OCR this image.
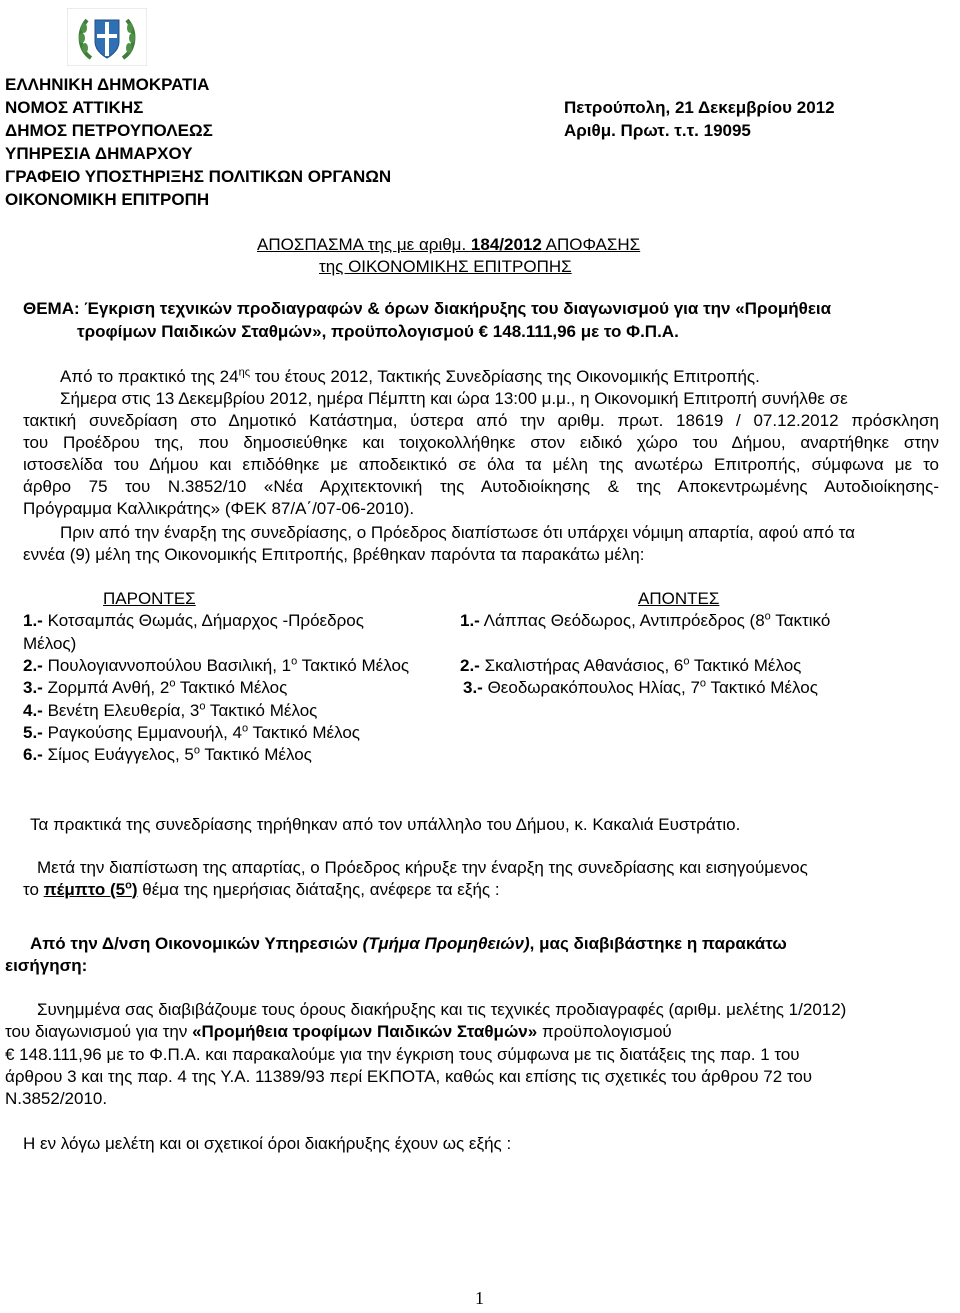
ΕΛΛΗΝΙΚΗ ΔΗΜΟΚΡΑΤΙΑ
ΝΟΜΟΣ ΑΤΤΙΚΗΣ
ΔΗΜΟΣ ΠΕΤΡΟΥΠΟΛΕΩΣ
ΥΠΗΡΕΣΙΑ ΔΗΜΑΡΧΟΥ
ΓΡΑΦΕΙΟ ΥΠΟΣΤΗΡΙΞΗΣ ΠΟΛΙΤΙΚΩΝ ΟΡΓΑΝΩΝ
ΟΙΚΟΝΟΜΙΚΗ ΕΠΙΤΡΟΠΗ
Πετρούπολη, 21 Δεκεμβρίου 2012
Αριθμ. Πρωτ. τ.τ. 19095
ΑΠΟΣΠΑΣΜΑ της με αριθμ. 184/2012 ΑΠΟΦΑΣΗΣ
της ΟΙΚΟΝΟΜΙΚΗΣ ΕΠΙΤΡΟΠΗΣ
ΘΕΜΑ: Έγκριση τεχνικών προδιαγραφών & όρων διακήρυξης του διαγωνισμού για την «Προμήθεια
τροφίμων Παιδικών Σταθμών», προϋπολογισμού € 148.111,96 με το Φ.Π.Α.
Από το πρακτικό της $24^{\eta\varsigma}$ του έτους 2012, Τακτικής Συνεδρίασης της Οικονομικής Επιτροπής.
Σήμερα στις 13 Δεκεμβρίου 2012, ημέρα Πέμπτη και ώρα 13:00 μ.μ., η Οικονομική Επιτροπή συνήλθε σε
τακτική συνεδρίαση στο Δημοτικό Κατάστημα, ύστερα από την αριθμ. πρωτ. 18619 / 07.12.2012 πρόσκληση
του Προέδρου της, που δημοσιεύθηκε και τοιχοκολλήθηκε στον ειδικό χώρο του Δήμου, αναρτήθηκε στην
ιστοσελίδα του Δήμου και επιδόθηκε με αποδεικτικό σε όλα τα μέλη της ανωτέρω Επιτροπής, σύμφωνα με το
άρθρο 75 του Ν.3852/10 «Νέα Αρχιτεκτονική της Αυτοδιοίκησης & της Αποκεντρωμένης Αυτοδιοίκησης-
Πρόγραμμα Καλλικράτης» (ΦΕΚ 87/Α΄/07-06-2010).
Πριν από την έναρξη της συνεδρίασης, ο Πρόεδρος διαπίστωσε ότι υπάρχει νόμιμη απαρτία, αφού από τα
εννέα (9) μέλη της Οικονομικής Επιτροπής, βρέθηκαν παρόντα τα παρακάτω μέλη:
ΠΑΡΟΝΤΕΣ	ΑΠΟΝΤΕΣ
1.- Κοτσαμπάς Θωμάς, Δήμαρχος -Πρόεδρος
2.- Πουλογιαννοπούλου Βασιλική, $1^o$ Τακτικό Μέλος
3.- Ζορμπά Ανθή, $2^o$ Τακτικό Μέλος
4.- Βενέτη Ελευθερία, $3^o$ Τακτικό Μέλος
5.- Ραγκούσης Εμμανουήλ, $4^o$ Τακτικό Μέλος
6.- Σίμος Ευάγγελος, $5^o$ Τακτικό Μέλος
1.- Λάππας Θεόδωρος, Αντιπρόεδρος ($8^o$ Τακτικό
Μέλος)
2.- Σκαλιστήρας Αθανάσιος, $6^o$ Τακτικό Μέλος
3.- Θεοδωρακόπουλος Ηλίας, $7^o$ Τακτικό Μέλος
Τα πρακτικά της συνεδρίασης τηρήθηκαν από τον υπάλληλο του Δήμου, κ. Κακαλιά Ευστράτιο.
Μετά την διαπίστωση της απαρτίας, ο Πρόεδρος κήρυξε την έναρξη της συνεδρίασης και εισηγούμενος
το πέμπτο $(5^o)$ θέμα της ημερήσιας διάταξης, ανέφερε τα εξής :
Από την Δ/νση Οικονομικών Υπηρεσιών (Τμήμα Προμηθειών), μας διαβιβάστηκε η παρακάτω
εισήγηση:
Συνημμένα σας διαβιβάζουμε τους όρους διακήρυξης και τις τεχνικές προδιαγραφές (αριθμ. μελέτης 1/2012)
του διαγωνισμού για την «Προμήθεια τροφίμων Παιδικών Σταθμών» προϋπολογισμού
€ 148.111,96 με το Φ.Π.Α. και παρακαλούμε για την έγκριση τους σύμφωνα με τις διατάξεις της παρ. 1 του
άρθρου 3 και της παρ. 4 της Υ.Α. 11389/93 περί ΕΚΠΟΤΑ, καθώς και επίσης τις σχετικές του άρθρου 72 του
Ν.3852/2010.
Η εν λόγω μελέτη και οι σχετικοί όροι διακήρυξης έχουν ως εξής :
1
